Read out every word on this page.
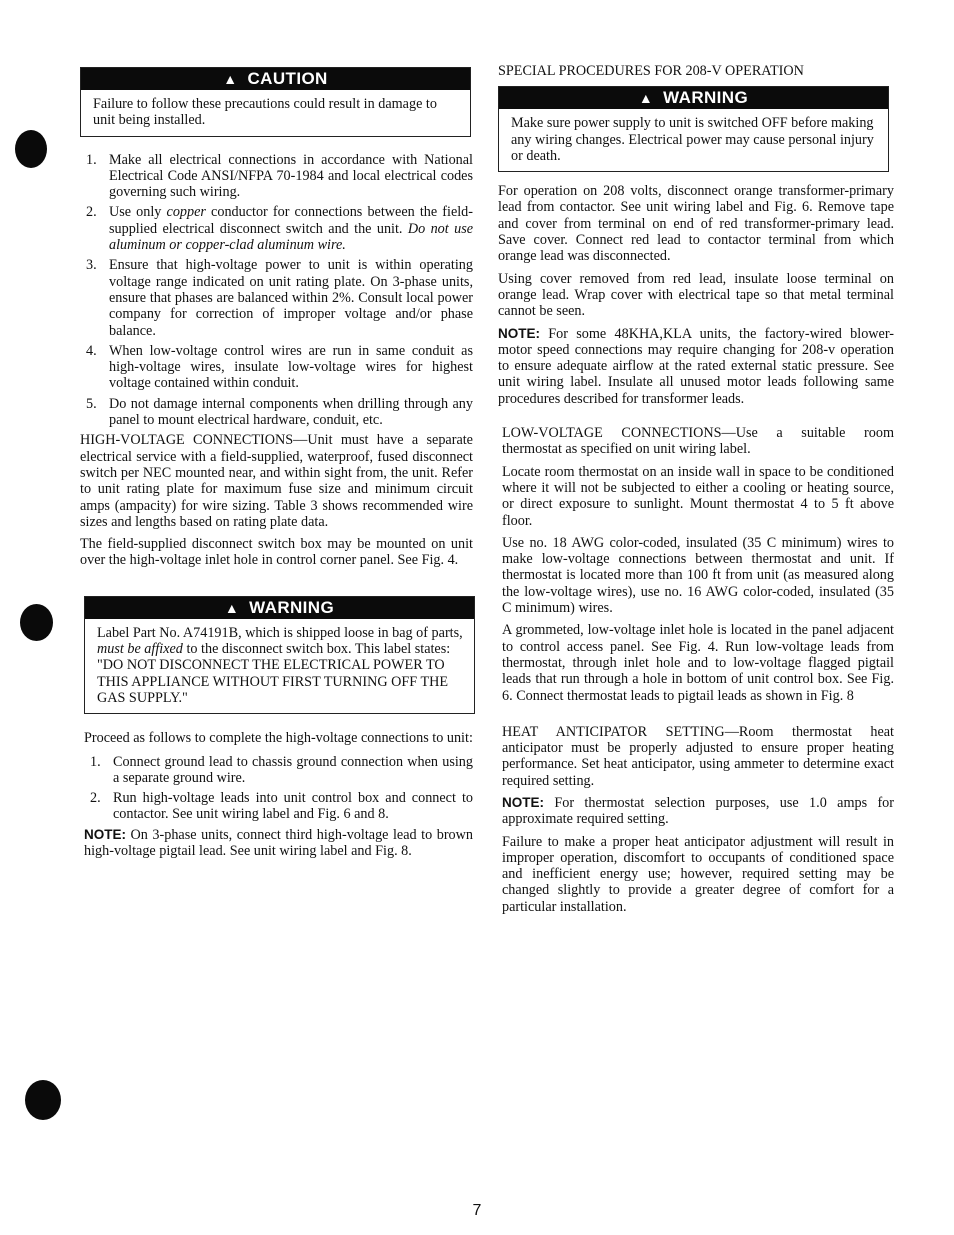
▲ CAUTION
Failure to follow these precautions could result in damage to unit being installed.
1. Make all electrical connections in accordance with National Electrical Code ANSI/NFPA 70-1984 and local electrical codes governing such wiring.
2. Use only copper conductor for connections between the field-supplied electrical disconnect switch and the unit. Do not use aluminum or copper-clad aluminum wire.
3. Ensure that high-voltage power to unit is within operating voltage range indicated on unit rating plate. On 3-phase units, ensure that phases are balanced within 2%. Consult local power company for correction of improper voltage and/or phase balance.
4. When low-voltage control wires are run in same conduit as high-voltage wires, insulate low-voltage wires for highest voltage contained within conduit.
5. Do not damage internal components when drilling through any panel to mount electrical hardware, conduit, etc.

HIGH-VOLTAGE CONNECTIONS—Unit must have a separate electrical service with a field-supplied, waterproof, fused disconnect switch per NEC mounted near, and within sight from, the unit. Refer to unit rating plate for maximum fuse size and minimum circuit amps (ampacity) for wire sizing. Table 3 shows recommended wire sizes and lengths based on rating plate data.

The field-supplied disconnect switch box may be mounted on unit over the high-voltage inlet hole in control corner panel. See Fig. 4.

▲ WARNING
Label Part No. A74191B, which is shipped loose in bag of parts, must be affixed to the disconnect switch box. This label states: "DO NOT DISCONNECT THE ELECTRICAL POWER TO THIS APPLIANCE WITHOUT FIRST TURNING OFF THE GAS SUPPLY."

Proceed as follows to complete the high-voltage connections to unit:

1. Connect ground lead to chassis ground connection when using a separate ground wire.
2. Run high-voltage leads into unit control box and connect to contactor. See unit wiring label and Fig. 6 and 8.

NOTE: On 3-phase units, connect third high-voltage lead to brown high-voltage pigtail lead. See unit wiring label and Fig. 8.

SPECIAL PROCEDURES FOR 208-V OPERATION
▲ WARNING
Make sure power supply to unit is switched OFF before making any wiring changes. Electrical power may cause personal injury or death.

For operation on 208 volts, disconnect orange transformer-primary lead from contactor. See unit wiring label and Fig. 6. Remove tape and cover from terminal on end of red transformer-primary lead. Save cover. Connect red lead to contactor terminal from which orange lead was disconnected.

Using cover removed from red lead, insulate loose terminal on orange lead. Wrap cover with electrical tape so that metal terminal cannot be seen.

NOTE: For some 48KHA,KLA units, the factory-wired blower-motor speed connections may require changing for 208-v operation to ensure adequate airflow at the rated external static pressure. See unit wiring label. Insulate all unused motor leads following same procedures described for transformer leads.

LOW-VOLTAGE CONNECTIONS—Use a suitable room thermostat as specified on unit wiring label.

Locate room thermostat on an inside wall in space to be conditioned where it will not be subjected to either a cooling or heating source, or direct exposure to sunlight. Mount thermostat 4 to 5 ft above floor.

Use no. 18 AWG color-coded, insulated (35 C minimum) wires to make low-voltage connections between thermostat and unit. If thermostat is located more than 100 ft from unit (as measured along the low-voltage wires), use no. 16 AWG color-coded, insulated (35 C minimum) wires.

A grommeted, low-voltage inlet hole is located in the panel adjacent to control access panel. See Fig. 4. Run low-voltage leads from thermostat, through inlet hole and to low-voltage flagged pigtail leads that run through a hole in bottom of unit control box. See Fig. 6. Connect thermostat leads to pigtail leads as shown in Fig. 8

HEAT ANTICIPATOR SETTING—Room thermostat heat anticipator must be properly adjusted to ensure proper heating performance. Set heat anticipator, using ammeter to determine exact required setting.

NOTE: For thermostat selection purposes, use 1.0 amps for approximate required setting.

Failure to make a proper heat anticipator adjustment will result in improper operation, discomfort to occupants of conditioned space and inefficient energy use; however, required setting may be changed slightly to provide a greater degree of comfort for a particular installation.

7
